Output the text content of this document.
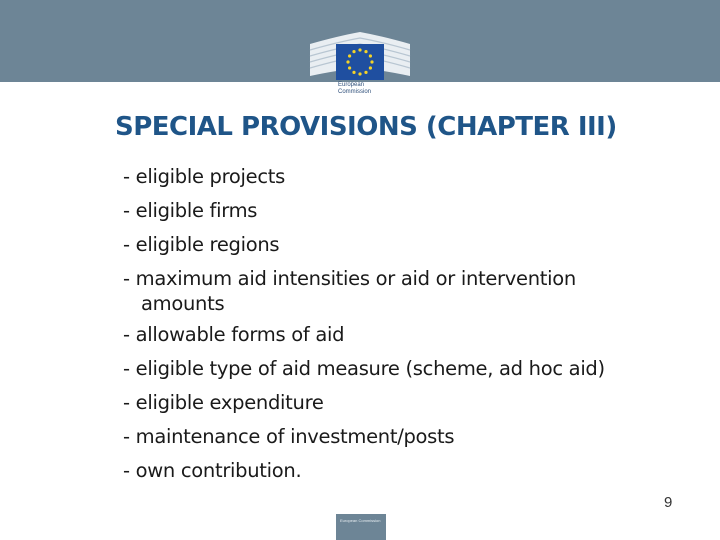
European
Commission
SPECIAL PROVISIONS (CHAPTER III)
- eligible projects
- eligible firms
- eligible regions
- maximum aid intensities or aid or intervention
amounts
- allowable forms of aid
- eligible type of aid measure (scheme, ad hoc aid)
- eligible expenditure
- maintenance of investment/posts
- own contribution.
9
European Commission
